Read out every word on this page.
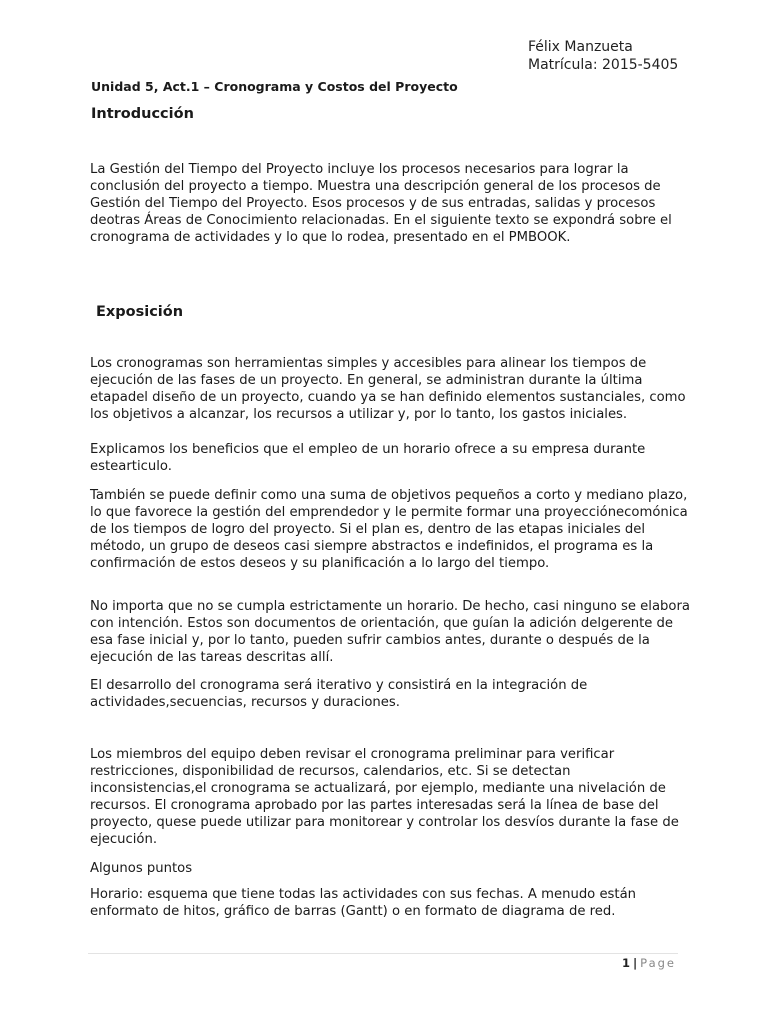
Félix Manzueta
Matrícula: 2015-5405
Unidad 5, Act.1 – Cronograma y Costos del Proyecto
Introducción

La Gestión del Tiempo del Proyecto incluye los procesos necesarios para lograr la conclusión del proyecto a tiempo. Muestra una descripción general de los procesos de Gestión del Tiempo del Proyecto. Esos procesos y de sus entradas, salidas y procesos deotras Áreas de Conocimiento relacionadas. En el siguiente texto se expondrá sobre el cronograma de actividades y lo que lo rodea, presentado en el PMBOOK.

Exposición

Los cronogramas son herramientas simples y accesibles para alinear los tiempos de ejecución de las fases de un proyecto. En general, se administran durante la última etapadel diseño de un proyecto, cuando ya se han definido elementos sustanciales, como los objetivos a alcanzar, los recursos a utilizar y, por lo tanto, los gastos iniciales.

Explicamos los beneficios que el empleo de un horario ofrece a su empresa durante estearticulo.

También se puede definir como una suma de objetivos pequeños a corto y mediano plazo, lo que favorece la gestión del emprendedor y le permite formar una proyecciónecomónica de los tiempos de logro del proyecto. Si el plan es, dentro de las etapas iniciales del método, un grupo de deseos casi siempre abstractos e indefinidos, el programa es la confirmación de estos deseos y su planificación a lo largo del tiempo.

No importa que no se cumpla estrictamente un horario. De hecho, casi ninguno se elabora con intención. Estos son documentos de orientación, que guían la adición delgerente de esa fase inicial y, por lo tanto, pueden sufrir cambios antes, durante o después de la ejecución de las tareas descritas allí.

El desarrollo del cronograma será iterativo y consistirá en la integración de actividades,secuencias, recursos y duraciones.

Los miembros del equipo deben revisar el cronograma preliminar para verificar restricciones, disponibilidad de recursos, calendarios, etc. Si se detectan inconsistencias,el cronograma se actualizará, por ejemplo, mediante una nivelación de recursos. El cronograma aprobado por las partes interesadas será la línea de base del proyecto, quese puede utilizar para monitorear y controlar los desvíos durante la fase de ejecución.

Algunos puntos

Horario: esquema que tiene todas las actividades con sus fechas. A menudo están enformato de hitos, gráfico de barras (Gantt) o en formato de diagrama de red.

1 | Page
